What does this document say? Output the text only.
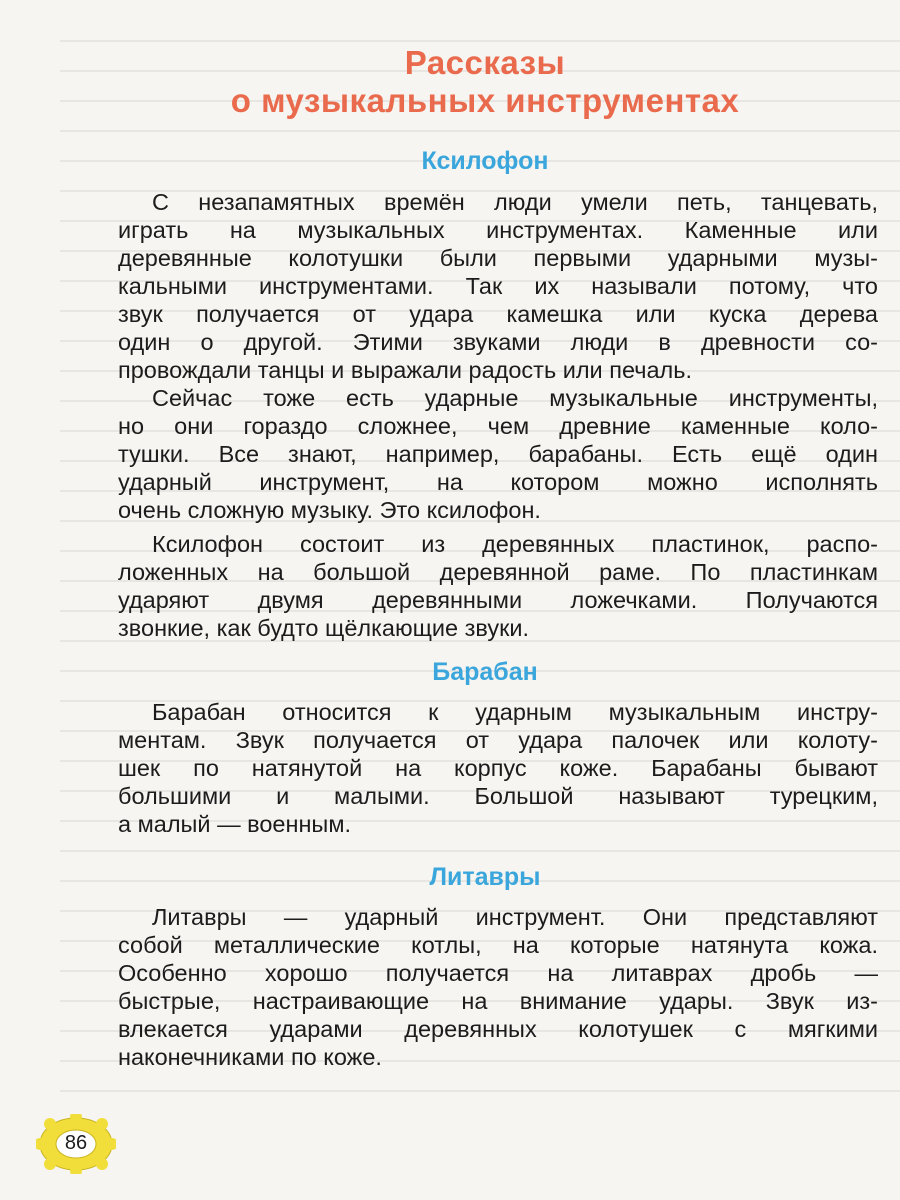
Рассказы
о музыкальных инструментах
Ксилофон
С незапамятных времён люди умели петь, танцевать,
играть на музыкальных инструментах. Каменные или
деревянные колотушки были первыми ударными музы-
кальными инструментами. Так их называли потому, что
звук получается от удара камешка или куска дерева
один о другой. Этими звуками люди в древности со-
провождали танцы и выражали радость или печаль.
Сейчас тоже есть ударные музыкальные инструменты,
но они гораздо сложнее, чем древние каменные коло-
тушки. Все знают, например, барабаны. Есть ещё один
ударный инструмент, на котором можно исполнять
очень сложную музыку. Это ксилофон.
Ксилофон состоит из деревянных пластинок, распо-
ложенных на большой деревянной раме. По пластинкам
ударяют двумя деревянными ложечками. Получаются
звонкие, как будто щёлкающие звуки.
Барабан
Барабан относится к ударным музыкальным инстру-
ментам. Звук получается от удара палочек или колоту-
шек по натянутой на корпус коже. Барабаны бывают
большими и малыми. Большой называют турецким,
а малый — военным.
Литавры
Литавры — ударный инструмент. Они представляют
собой металлические котлы, на которые натянута кожа.
Особенно хорошо получается на литаврах дробь —
быстрые, настраивающие на внимание удары. Звук из-
влекается ударами деревянных колотушек с мягкими
наконечниками по коже.
86
